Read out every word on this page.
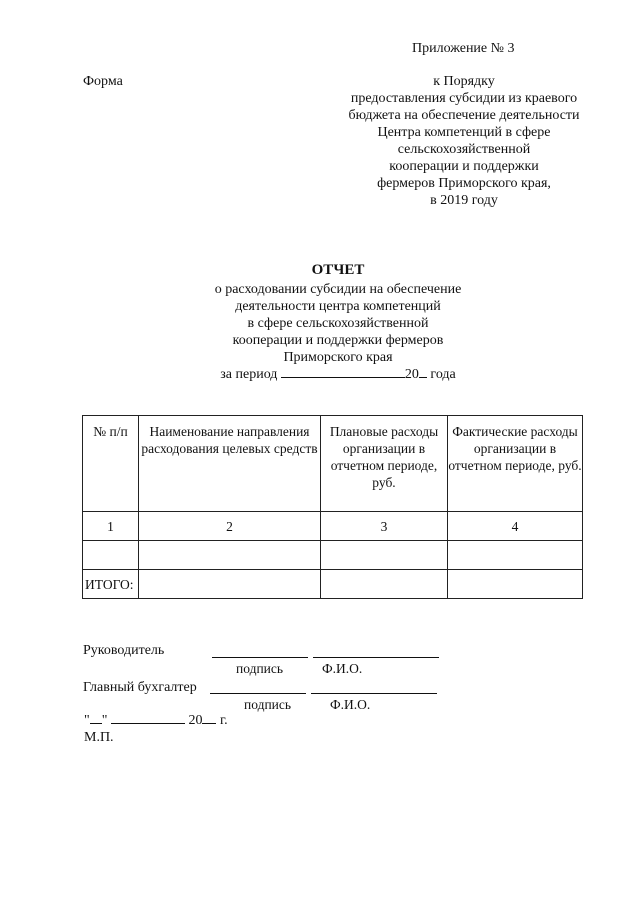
Приложение № 3
Форма	к Порядку
предоставления субсидии из краевого
бюджета на обеспечение деятельности
Центра компетенций в сфере
сельскохозяйственной
кооперации и поддержки
фермеров Приморского края,
в 2019 году
ОТЧЕТ
о расходовании субсидии на обеспечение
деятельности центра компетенций
в сфере сельскохозяйственной
кооперации и поддержки фермеров
Приморского края
за период	20 года
№ п/п	Наименование направления расходования целевых средств	Плановые расходы организации в отчетном периоде, руб.	Фактические расходы организации в отчетном периоде, руб.
1	2	3	4

ИТОГО:			
Руководитель
подпись	Ф.И.О.
Главный бухгалтер
подпись	Ф.И.О.
" "	20 г.
М.П.
